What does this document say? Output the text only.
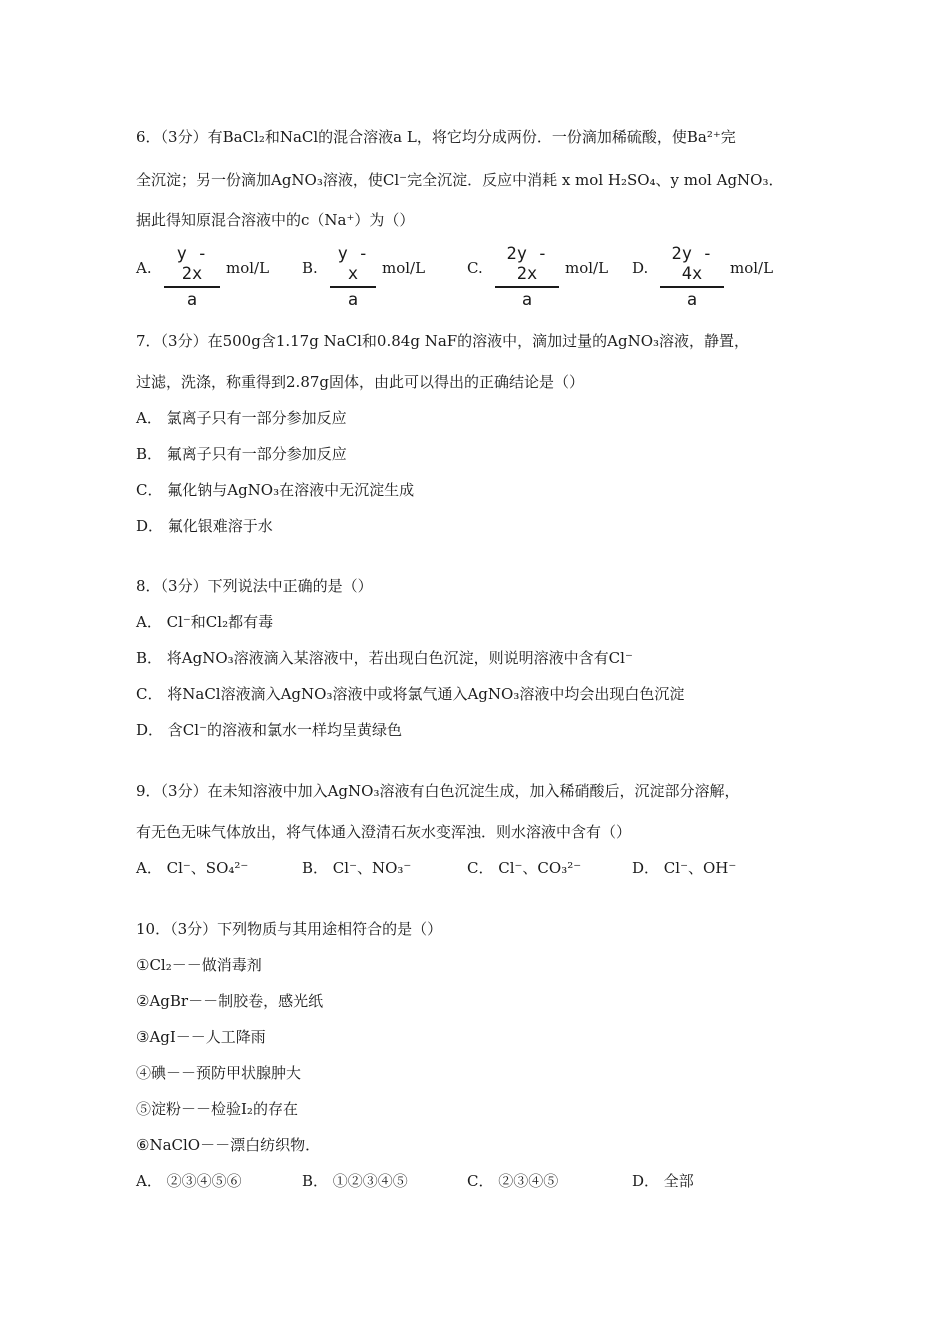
6．（3分）有BaCl₂和NaCl的混合溶液a L，将它均分成两份．一份滴加稀硫酸，使Ba²⁺完
全沉淀；另一份滴加AgNO₃溶液，使Cl⁻完全沉淀．反应中消耗 x mol H₂SO₄、y mol AgNO₃．
据此得知原混合溶液中的c（Na⁺）为（）
A.
y - 2x
a
mol/L B.
y - x
a
mol/L	C.
2y - 2x
a
mol/L D.
2y - 4x
a
mol/L
7．（3分）在500g含1.17g NaCl和0.84g NaF的溶液中，滴加过量的AgNO₃溶液，静置，
过滤，洗涤，称重得到2.87g固体，由此可以得出的正确结论是（）
A． 氯离子只有一部分参加反应
B． 氟离子只有一部分参加反应
C． 氟化钠与AgNO₃在溶液中无沉淀生成
D． 氟化银难溶于水
8．（3分）下列说法中正确的是（）
A． Cl⁻和Cl₂都有毒
B． 将AgNO₃溶液滴入某溶液中，若出现白色沉淀，则说明溶液中含有Cl⁻
C． 将NaCl溶液滴入AgNO₃溶液中或将氯气通入AgNO₃溶液中均会出现白色沉淀
D． 含Cl⁻的溶液和氯水一样均呈黄绿色
9．（3分）在未知溶液中加入AgNO₃溶液有白色沉淀生成，加入稀硝酸后，沉淀部分溶解，
有无色无味气体放出，将气体通入澄清石灰水变浑浊．则水溶液中含有（）
A． Cl⁻、SO₄²⁻	B． Cl⁻、NO₃⁻	C． Cl⁻、CO₃²⁻	D． Cl⁻、OH⁻
10．（3分）下列物质与其用途相符合的是（）
①Cl₂－－做消毒剂
②AgBr－－制胶卷，感光纸
③AgI－－人工降雨
④碘－－预防甲状腺肿大
⑤淀粉－－检验I₂的存在
⑥NaClO－－漂白纺织物．
A． ②③④⑤⑥	B． ①②③④⑤	C． ②③④⑤	D． 全部
